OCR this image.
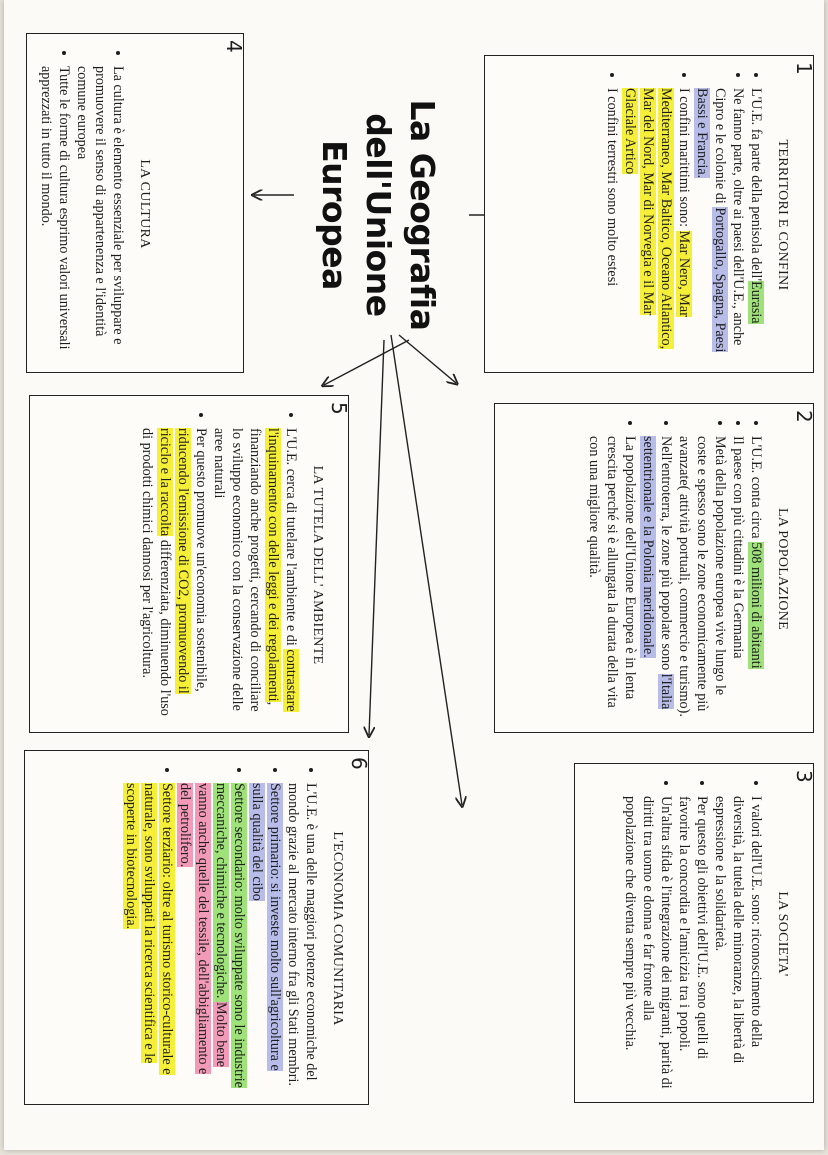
La Geografia
dell'Unione Europea
1
TERRITORI E CONFINI
• L'U.E. fa parte della penisola dell'Eurasia
• Ne fanno parte, oltre ai paesi dell'U.E., anche Cipro e le colonie di Portogallo, Spagna, Paesi Bassi e Francia.
• I confini marittimi sono: Mar Nero, Mar Mediterraneo, Mar Baltico, Oceano Atlantico, Mar del Nord, Mar di Norvegia e il Mar Glaciale Artico
• I confini terrestri sono molto estesi
2
LA POPOLAZIONE
• L'U.E. conta circa 508 milioni di abitanti
• Il paese con più cittadini è la Germania
• Metà della popolazione europea vive lungo le coste e spesso sono le zone economicamente più avanzate( attività portuali, commercio e turismo).
• Nell'entroterra, le zone più popolate sono l'Italia settentrionale e la Polonia meridionale.
• La popolazione dell'Unione Europea è in lenta crescita perché si è allungata la durata della vita con una migliore qualità.
3
LA SOCIETA'
• I valori dell'U.E. sono: riconoscimento della diversità, la tutela delle minoranze, la libertà di espressione e la solidarietà.
• Per questo gli obiettivi dell'U.E. sono quelli di favorire la concordia e l'amicizia tra i popoli.
• Un'altra sfida è l'integrazione dei migranti, parità di diritti tra uomo e donna e far fronte alla popolazione che diventa sempre più vecchia.
4
LA CULTURA
• La cultura è elemento essenziale per sviluppare e promuovere il senso di appartenenza e l'identità comune europea
• Tutte le forme di cultura esprimo valori universali apprezzati in tutto il mondo.
5
LA TUTELA DELL' AMBIENTE
• L'U.E. cerca di tutelare l'ambiente e di contrastare l'inquinamento con delle leggi e dei regolamenti, finanziando anche progetti, cercando di conciliare lo sviluppo economico con la conservazione delle aree naturali
• Per questo promuove un'economia sostenibile, riducendo l'emissione di CO2, promuovendo il riciclo e la raccolta differenziata, diminuendo l'uso di prodotti chimici dannosi per l'agricoltura.
6
L'ECONOMIA COMUNITARIA
• L'U.E. è una delle maggiori potenze economiche del mondo grazie al mercato interno fra gli Stati membri.
• Settore primario: si investe molto sull'agricoltura e sulla qualità del cibo
• Settore secondario: molto sviluppate sono le industrie meccaniche, chimiche e tecnologiche. Molto bene vanno anche quelle del tessile, dell'abbigliamento e del petrolifero.
• Settore terziario: oltre al turismo storico-culturale e naturale, sono sviluppati la ricerca scientifica e le scoperte in biotecnologia.
